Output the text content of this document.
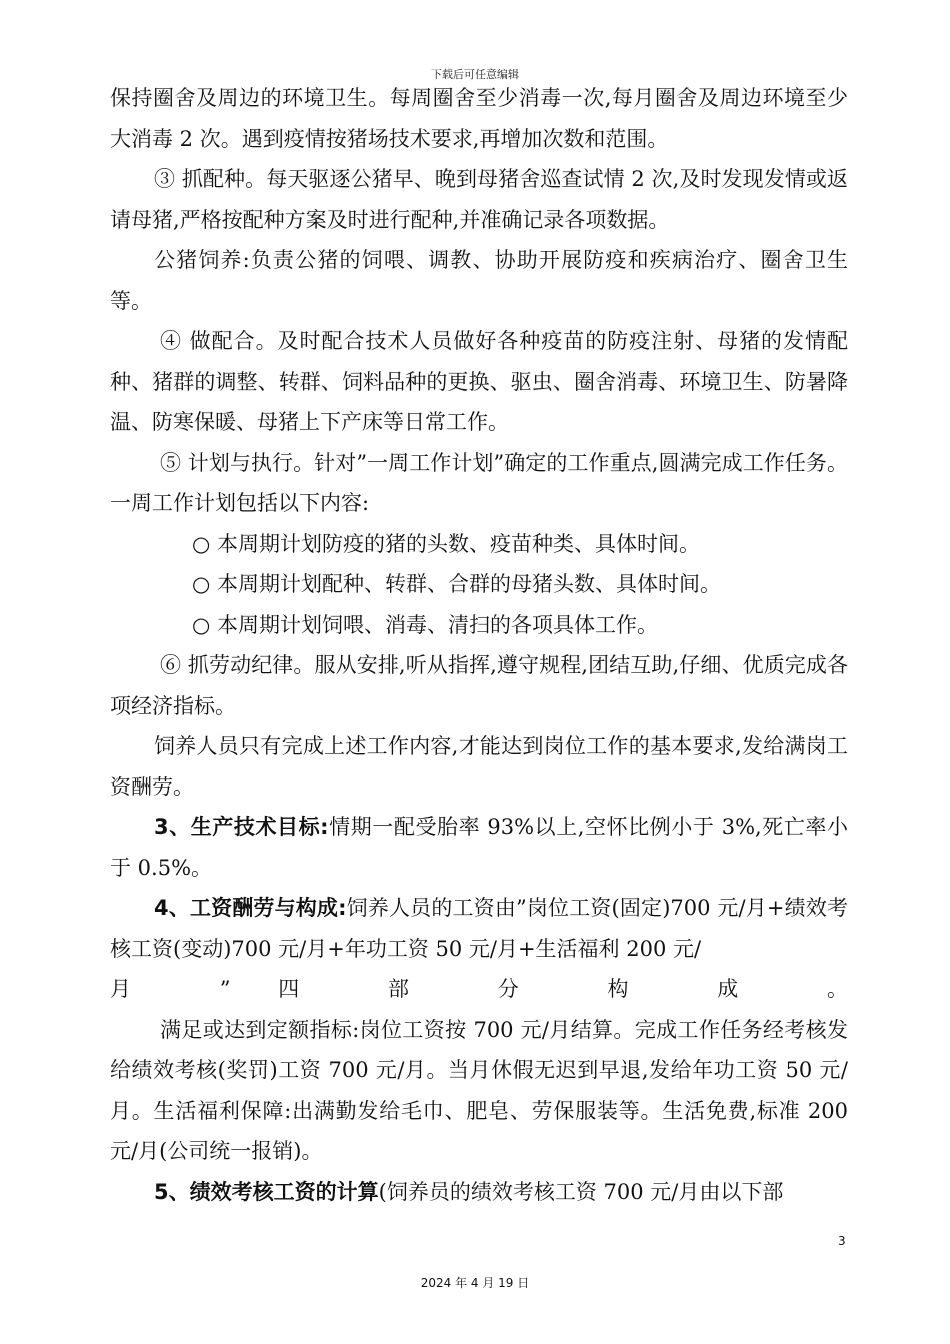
下载后可任意编辑

保持圈舍及周边的环境卫生。每周圈舍至少消毒一次,每月圈舍及周边环境至少大消毒 2 次。遇到疫情按猪场技术要求,再增加次数和范围。

③ 抓配种。每天驱逐公猪早、晚到母猪舍巡查试情 2 次,及时发现发情或返请母猪,严格按配种方案及时进行配种,并准确记录各项数据。

公猪饲养:负责公猪的饲喂、调教、协助开展防疫和疾病治疗、圈舍卫生等。

④ 做配合。及时配合技术人员做好各种疫苗的防疫注射、母猪的发情配种、猪群的调整、转群、饲料品种的更换、驱虫、圈舍消毒、环境卫生、防暑降温、防寒保暖、母猪上下产床等日常工作。

⑤ 计划与执行。针对”一周工作计划”确定的工作重点,圆满完成工作任务。一周工作计划包括以下内容:

○ 本周期计划防疫的猪的头数、疫苗种类、具体时间。

○ 本周期计划配种、转群、合群的母猪头数、具体时间。

○ 本周期计划饲喂、消毒、清扫的各项具体工作。

⑥ 抓劳动纪律。服从安排,听从指挥,遵守规程,团结互助,仔细、优质完成各项经济指标。

饲养人员只有完成上述工作内容,才能达到岗位工作的基本要求,发给满岗工资酬劳。

3、生产技术目标:情期一配受胎率 93%以上,空怀比例小于 3%,死亡率小于 0.5%。

4、工资酬劳与构成:饲养人员的工资由”岗位工资(固定)700 元/月+绩效考核工资(变动)700 元/月+年功工资 50 元/月+生活福利 200 元/

月 ” 四 部 分 构 成 。

满足或达到定额指标:岗位工资按 700 元/月结算。完成工作任务经考核发给绩效考核(奖罚)工资 700 元/月。当月休假无迟到早退,发给年功工资 50 元/月。生活福利保障:出满勤发给毛巾、肥皂、劳保服装等。生活免费,标准 200 元/月(公司统一报销)。

5、绩效考核工资的计算(饲养员的绩效考核工资 700 元/月由以下部

3
2024 年 4 月 19 日
